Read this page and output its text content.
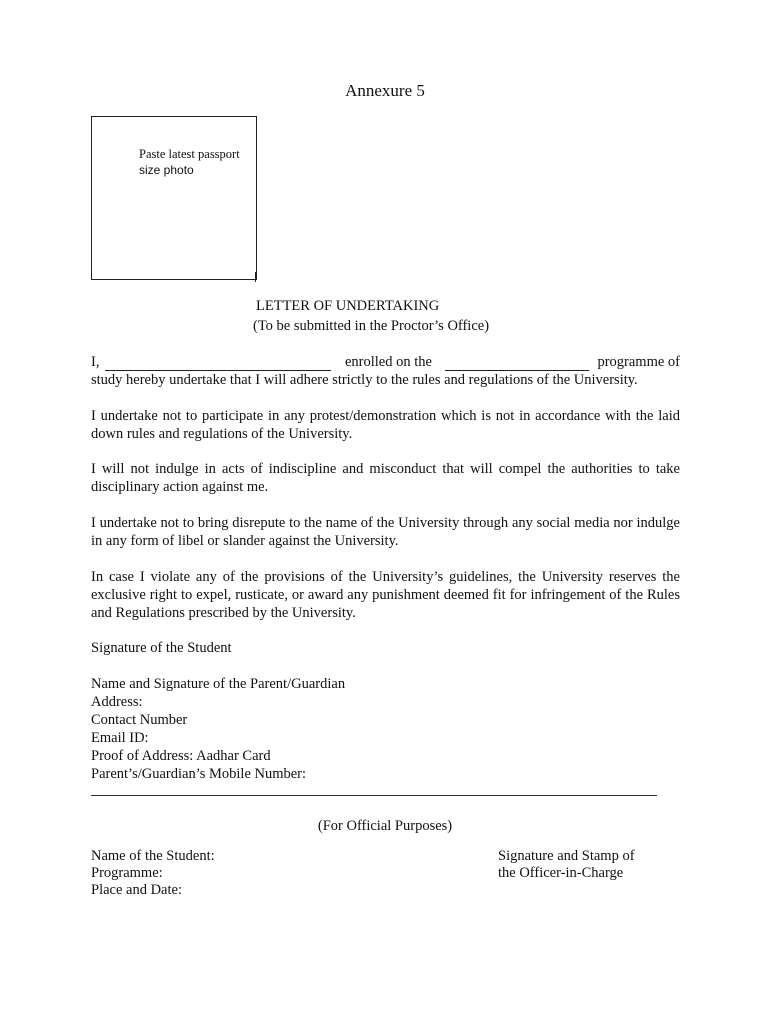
Annexure 5
Paste latest passport
size photo
LETTER OF UNDERTAKING
(To be submitted in the Proctor’s Office)
I,	enrolled on the	programme of
study hereby undertake that I will adhere strictly to the rules and regulations of the University.
I undertake not to participate in any protest/demonstration which is not in accordance with the laid down rules and regulations of the University.
I will not indulge in acts of indiscipline and misconduct that will compel the authorities to take disciplinary action against me.
I undertake not to bring disrepute to the name of the University through any social media nor indulge in any form of libel or slander against the University.
In case I violate any of the provisions of the University’s guidelines, the University reserves the exclusive right to expel, rusticate, or award any punishment deemed fit for infringement of the Rules and Regulations prescribed by the University.
Signature of the Student
Name and Signature of the Parent/Guardian
Address:
Contact Number
Email ID:
Proof of Address: Aadhar Card
Parent’s/Guardian’s Mobile Number:
(For Official Purposes)
Name of the Student:
Programme:
Place and Date:
Signature and Stamp of
the Officer-in-Charge
